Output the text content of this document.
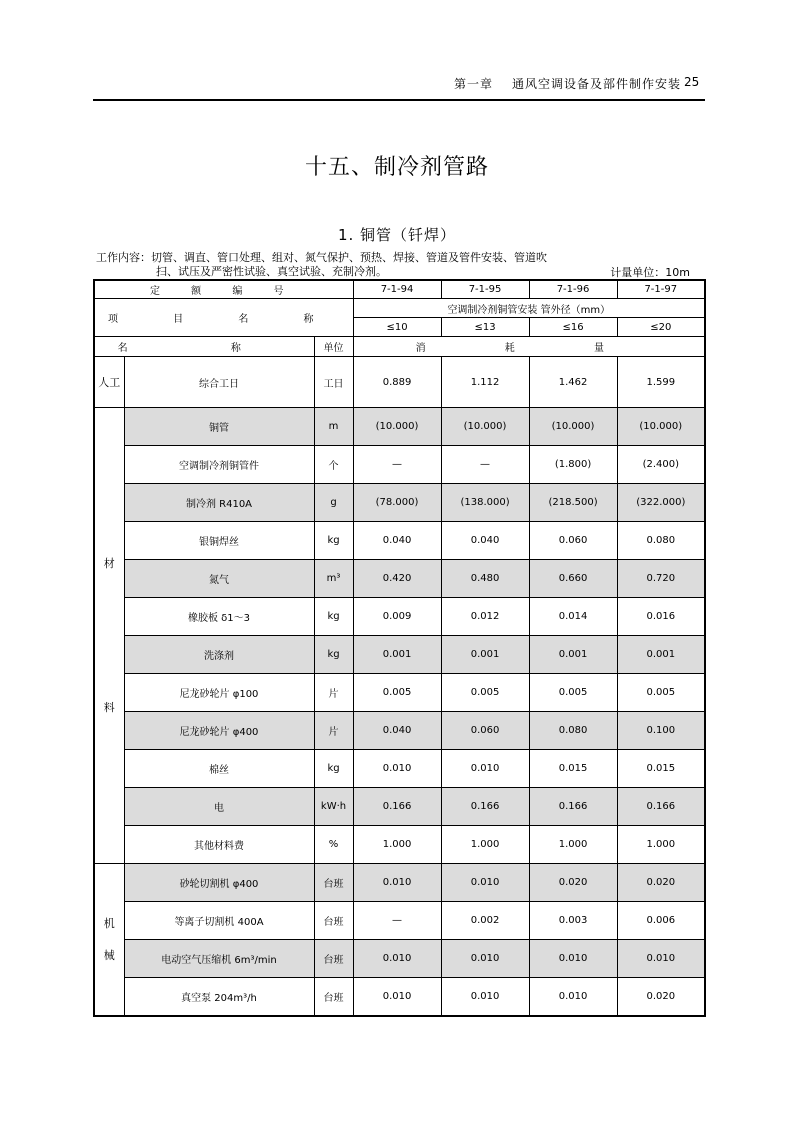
第一章 通风空调设备及部件制作安装 25
十五、制冷剂管路
1. 铜管（钎焊）
工作内容：切管、调直、管口处理、组对、氮气保护、预热、焊接、管道及管件安装、管道吹
扫、试压及严密性试验、真空试验、充制冷剂。	计量单位：10m
定 额 编 号			7-1-94	7-1-95	7-1-96	7-1-97
项 目 名 称			空调制冷剂铜管安装 管外径（mm）			
			≤10	≤13	≤16	≤20
名 称		单位	消 耗 量			

人工	综合工日	工日	0.889	1.112	1.462	1.599

材
料	铜管	m	(10.000)	(10.000)	(10.000)	(10.000)
	空调制冷剂铜管件	个	—	—	(1.800)	(2.400)
	制冷剂 R410A	g	(78.000)	(138.000)	(218.500)	(322.000)
	银铜焊丝	kg	0.040	0.040	0.060	0.080
	氮气	m³	0.420	0.480	0.660	0.720
	橡胶板 δ1～3	kg	0.009	0.012	0.014	0.016
	洗涤剂	kg	0.001	0.001	0.001	0.001
	尼龙砂轮片 φ100	片	0.005	0.005	0.005	0.005
	尼龙砂轮片 φ400	片	0.040	0.060	0.080	0.100
	棉丝	kg	0.010	0.010	0.015	0.015
	电	kW·h	0.166	0.166	0.166	0.166
	其他材料费	%	1.000	1.000	1.000	1.000

机
械	砂轮切割机 φ400	台班	0.010	0.010	0.020	0.020
	等离子切割机 400A	台班	—	0.002	0.003	0.006
	电动空气压缩机 6m³/min	台班	0.010	0.010	0.010	0.010
	真空泵 204m³/h	台班	0.010	0.010	0.010	0.020
